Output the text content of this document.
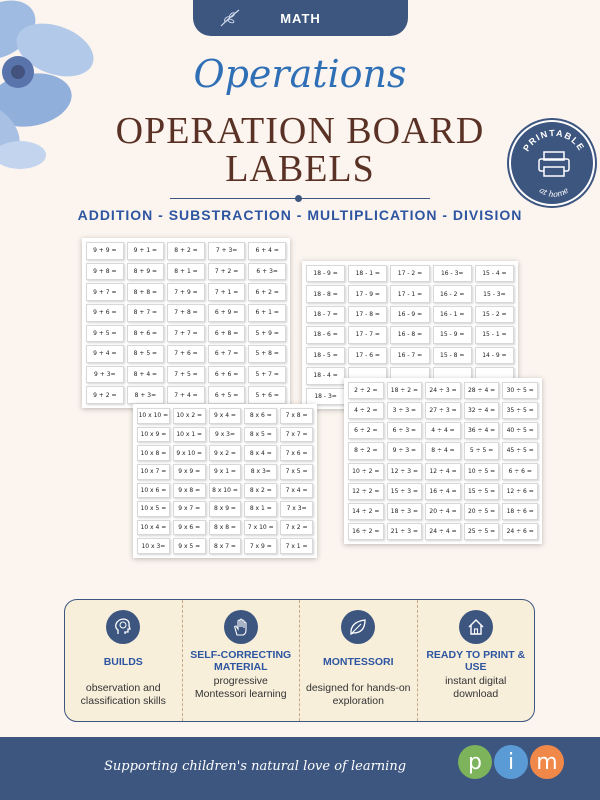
MATH
Operations
OPERATION BOARD
LABELS
PRINTABLE
at home
ADDITION - SUBSTRACTION - MULTIPLICATION - DIVISION
9 + 9 =	9 + 1 =	8 + 2 =	7 + 3=	6 + 4 =
9 + 8 =	8 + 9 =	8 + 1 =	7 + 2 =	6 + 3=
9 + 7 =	8 + 8 =	7 + 9 =	7 + 1 =	6 + 2 =
9 + 6 =	8 + 7 =	7 + 8 =	6 + 9 =	6 + 1 =
9 + 5 =	8 + 6 =	7 + 7 =	6 + 8 =	5 + 9 =
9 + 4 =	8 + 5 =	7 + 6 =	6 + 7 =	5 + 8 =
9 + 3=	8 + 4 =	7 + 5 =	6 + 6 =	5 + 7 =
9 + 2 =	8 + 3=	7 + 4 =	6 + 5 =	5 + 6 =
18 - 9 =	18 - 1 =	17 - 2 =	16 - 3=	15 - 4 =
18 - 8 =	17 - 9 =	17 - 1 =	16 - 2 =	15 - 3=
18 - 7 =	17 - 8 =	16 - 9 =	16 - 1 =	15 - 2 =
18 - 6 =	17 - 7 =	16 - 8 =	15 - 9 =	15 - 1 =
18 - 5 =	17 - 6 =	16 - 7 =	15 - 8 =	14 - 9 =
18 - 4 =
18 - 3=
2 ÷ 2 =	18 ÷ 2 =	24 ÷ 3 =	28 ÷ 4 =	30 ÷ 5 =
4 ÷ 2 =	3 ÷ 3 =	27 ÷ 3 =	32 ÷ 4 =	35 ÷ 5 =
6 ÷ 2 =	6 ÷ 3 =	4 ÷ 4 =	36 ÷ 4 =	40 ÷ 5 =
8 ÷ 2 =	9 ÷ 3 =	8 ÷ 4 =	5 ÷ 5 =	45 ÷ 5 =
10 ÷ 2 =	12 ÷ 3 =	12 ÷ 4 =	10 ÷ 5 =	6 ÷ 6 =
12 ÷ 2 =	15 ÷ 3 =	16 ÷ 4 =	15 ÷ 5 =	12 ÷ 6 =
14 ÷ 2 =	18 ÷ 3 =	20 ÷ 4 =	20 ÷ 5 =	18 ÷ 6 =
16 ÷ 2 =	21 ÷ 3 =	24 ÷ 4 =	25 ÷ 5 =	24 ÷ 6 =
10 x 10 =	10 x 2 =	9 x 4 =	8 x 6 =	7 x 8 =
10 x 9 =	10 x 1 =	9 x 3=	8 x 5 =	7 x 7 =
10 x 8 =	9 x 10 =	9 x 2 =	8 x 4 =	7 x 6 =
10 x 7 =	9 x 9 =	9 x 1 =	8 x 3=	7 x 5 =
10 x 6 =	9 x 8 =	8 x 10 =	8 x 2 =	7 x 4 =
10 x 5 =	9 x 7 =	8 x 9 =	8 x 1 =	7 x 3=
10 x 4 =	9 x 6 =	8 x 8 =	7 x 10 =	7 x 2 =
10 x 3=	9 x 5 =	8 x 7 =	7 x 9 =	7 x 1 =
BUILDS
observation and classification skills
SELF-CORRECTING MATERIAL
progressive Montessori learning
MONTESSORI
designed for hands-on exploration
READY TO PRINT & USE
instant digital download
Supporting children's natural love of learning	p	i	m
